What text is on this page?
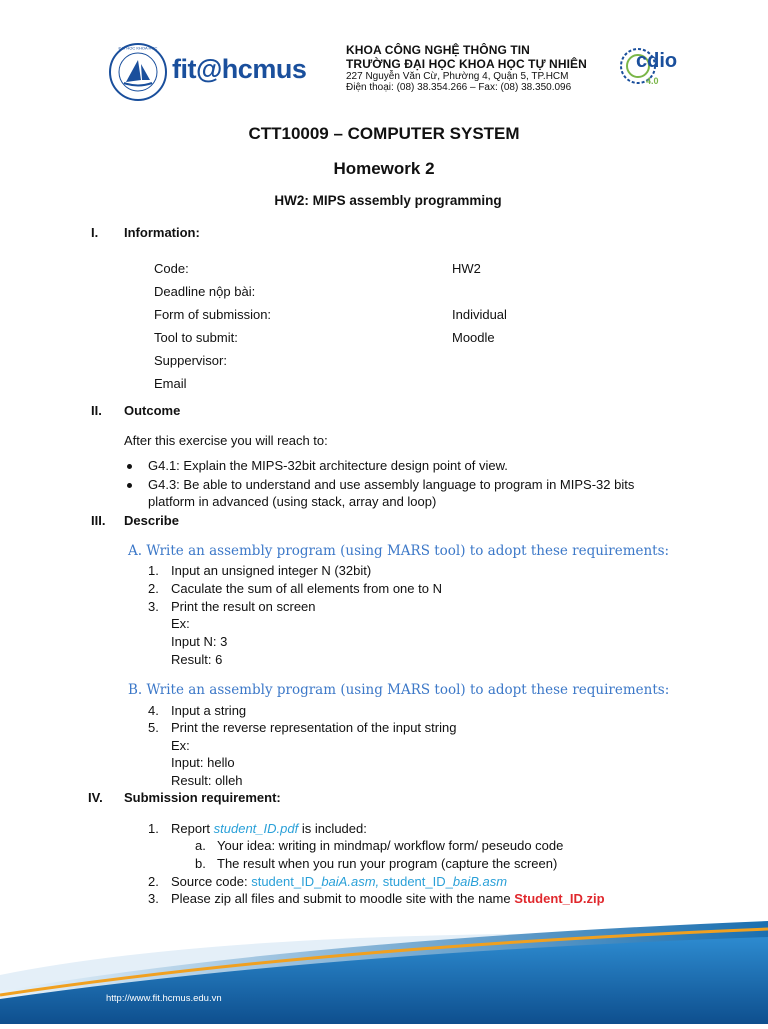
ĐẠI HỌC KHOA HỌC
fit@hcmus
KHOA CÔNG NGHỆ THÔNG TIN
TRƯỜNG ĐẠI HỌC KHOA HỌC TỰ NHIÊN
227 Nguyễn Văn Cừ, Phường 4, Quận 5, TP.HCM
Điện thoại: (08) 38.354.266 – Fax: (08) 38.350.096
cdio
4.0
CTT10009 – COMPUTER SYSTEM
Homework 2
HW2: MIPS assembly programming
I.	Information:
Code:	HW2
Deadline nộp bài:
Form of submission:	Individual
Tool to submit:	Moodle
Suppervisor:
Email
II.	Outcome
After this exercise you will reach to:
G4.1: Explain the MIPS-32bit architecture design point of view.
G4.3: Be able to understand and use assembly language to program in MIPS-32 bits
platform in advanced (using stack, array and loop)
III.	Describe
A. Write an assembly program (using MARS tool) to adopt these requirements:
1. Input an unsigned integer N (32bit)
2. Caculate the sum of all elements from one to N
3. Print the result on screen
Ex:
Input N: 3
Result: 6
B. Write an assembly program (using MARS tool) to adopt these requirements:
4. Input a string
5. Print the reverse representation of the input string
Ex:
Input: hello
Result: olleh
IV.	Submission requirement:
1. Report student_ID.pdf is included:
a. Your idea: writing in mindmap/ workflow form/ peseudo code
b. The result when you run your program (capture the screen)
2. Source code: student_ID_baiA.asm, student_ID_baiB.asm
3. Please zip all files and submit to moodle site with the name Student_ID.zip
http://www.fit.hcmus.edu.vn
